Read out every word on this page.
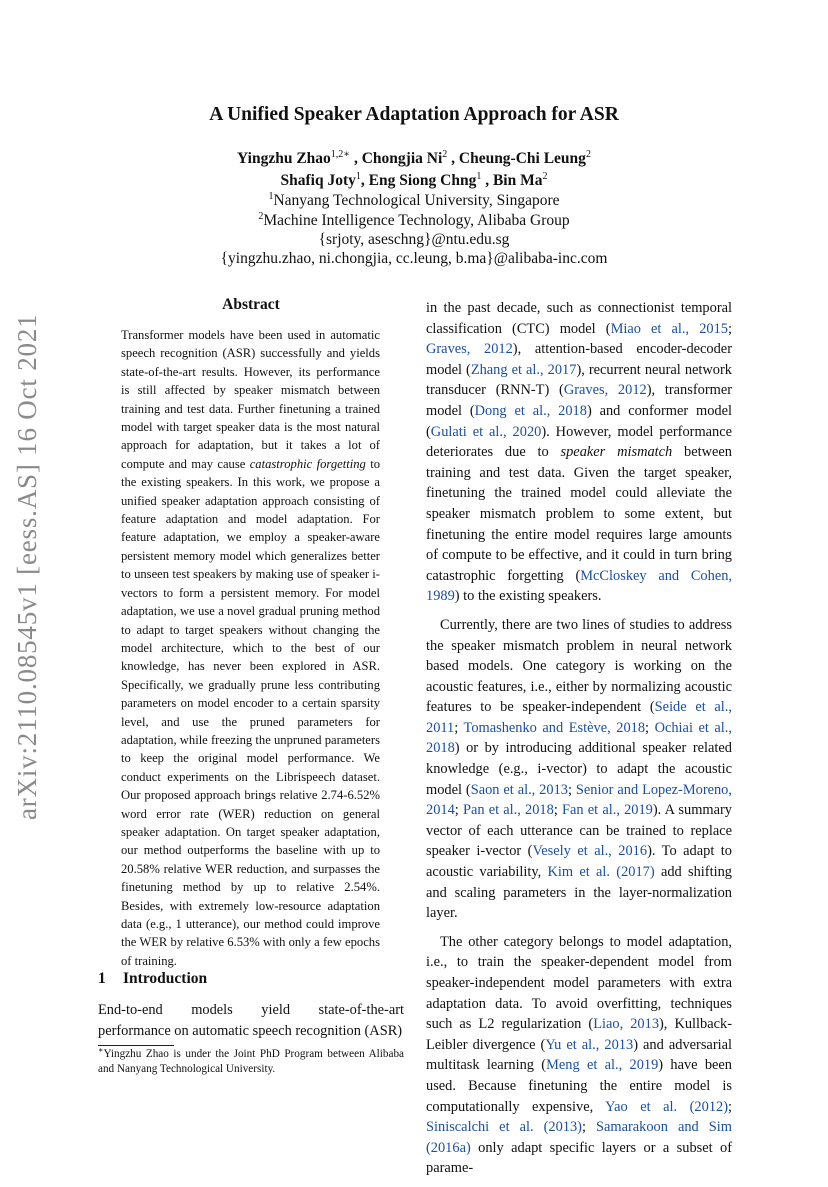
arXiv:2110.08545v1 [eess.AS] 16 Oct 2021
A Unified Speaker Adaptation Approach for ASR
Yingzhu Zhao$^{1,2∗}$ , Chongjia Ni$^2$ , Cheung-Chi Leung$^2$
Shafiq Joty$^1$, Eng Siong Chng$^1$ , Bin Ma$^2$
$^1$Nanyang Technological University, Singapore
$^2$Machine Intelligence Technology, Alibaba Group
{srjoty, aseschng}@ntu.edu.sg
{yingzhu.zhao, ni.chongjia, cc.leung, b.ma}@alibaba-inc.com
Abstract
Transformer models have been used in automatic speech recognition (ASR) successfully and yields state-of-the-art results. However, its performance is still affected by speaker mismatch between training and test data. Further finetuning a trained model with target speaker data is the most natural approach for adaptation, but it takes a lot of compute and may cause catastrophic forgetting to the existing speakers. In this work, we propose a unified speaker adaptation approach consisting of feature adaptation and model adaptation. For feature adaptation, we employ a speaker-aware persistent memory model which generalizes better to unseen test speakers by making use of speaker i-vectors to form a persistent memory. For model adaptation, we use a novel gradual pruning method to adapt to target speakers without changing the model architecture, which to the best of our knowledge, has never been explored in ASR. Specifically, we gradually prune less contributing parameters on model encoder to a certain sparsity level, and use the pruned parameters for adaptation, while freezing the unpruned parameters to keep the original model performance. We conduct experiments on the Librispeech dataset. Our proposed approach brings relative 2.74-6.52% word error rate (WER) reduction on general speaker adaptation. On target speaker adaptation, our method outperforms the baseline with up to 20.58% relative WER reduction, and surpasses the finetuning method by up to relative 2.54%. Besides, with extremely low-resource adaptation data (e.g., 1 utterance), our method could improve the WER by relative 6.53% with only a few epochs of training.
1 Introduction
End-to-end models yield state-of-the-art performance on automatic speech recognition (ASR)
∗Yingzhu Zhao is under the Joint PhD Program between Alibaba and Nanyang Technological University.

in the past decade, such as connectionist temporal classification (CTC) model (Miao et al., 2015; Graves, 2012), attention-based encoder-decoder model (Zhang et al., 2017), recurrent neural network transducer (RNN-T) (Graves, 2012), transformer model (Dong et al., 2018) and conformer model (Gulati et al., 2020). However, model performance deteriorates due to speaker mismatch between training and test data. Given the target speaker, finetuning the trained model could alleviate the speaker mismatch problem to some extent, but finetuning the entire model requires large amounts of compute to be effective, and it could in turn bring catastrophic forgetting (McCloskey and Cohen, 1989) to the existing speakers.

Currently, there are two lines of studies to address the speaker mismatch problem in neural network based models. One category is working on the acoustic features, i.e., either by normalizing acoustic features to be speaker-independent (Seide et al., 2011; Tomashenko and Estève, 2018; Ochiai et al., 2018) or by introducing additional speaker related knowledge (e.g., i-vector) to adapt the acoustic model (Saon et al., 2013; Senior and Lopez-Moreno, 2014; Pan et al., 2018; Fan et al., 2019). A summary vector of each utterance can be trained to replace speaker i-vector (Vesely et al., 2016). To adapt to acoustic variability, Kim et al. (2017) add shifting and scaling parameters in the layer-normalization layer.

The other category belongs to model adaptation, i.e., to train the speaker-dependent model from speaker-independent model parameters with extra adaptation data. To avoid overfitting, techniques such as L2 regularization (Liao, 2013), Kullback-Leibler divergence (Yu et al., 2013) and adversarial multitask learning (Meng et al., 2019) have been used. Because finetuning the entire model is computationally expensive, Yao et al. (2012); Siniscalchi et al. (2013); Samarakoon and Sim (2016a) only adapt specific layers or a subset of parame-
